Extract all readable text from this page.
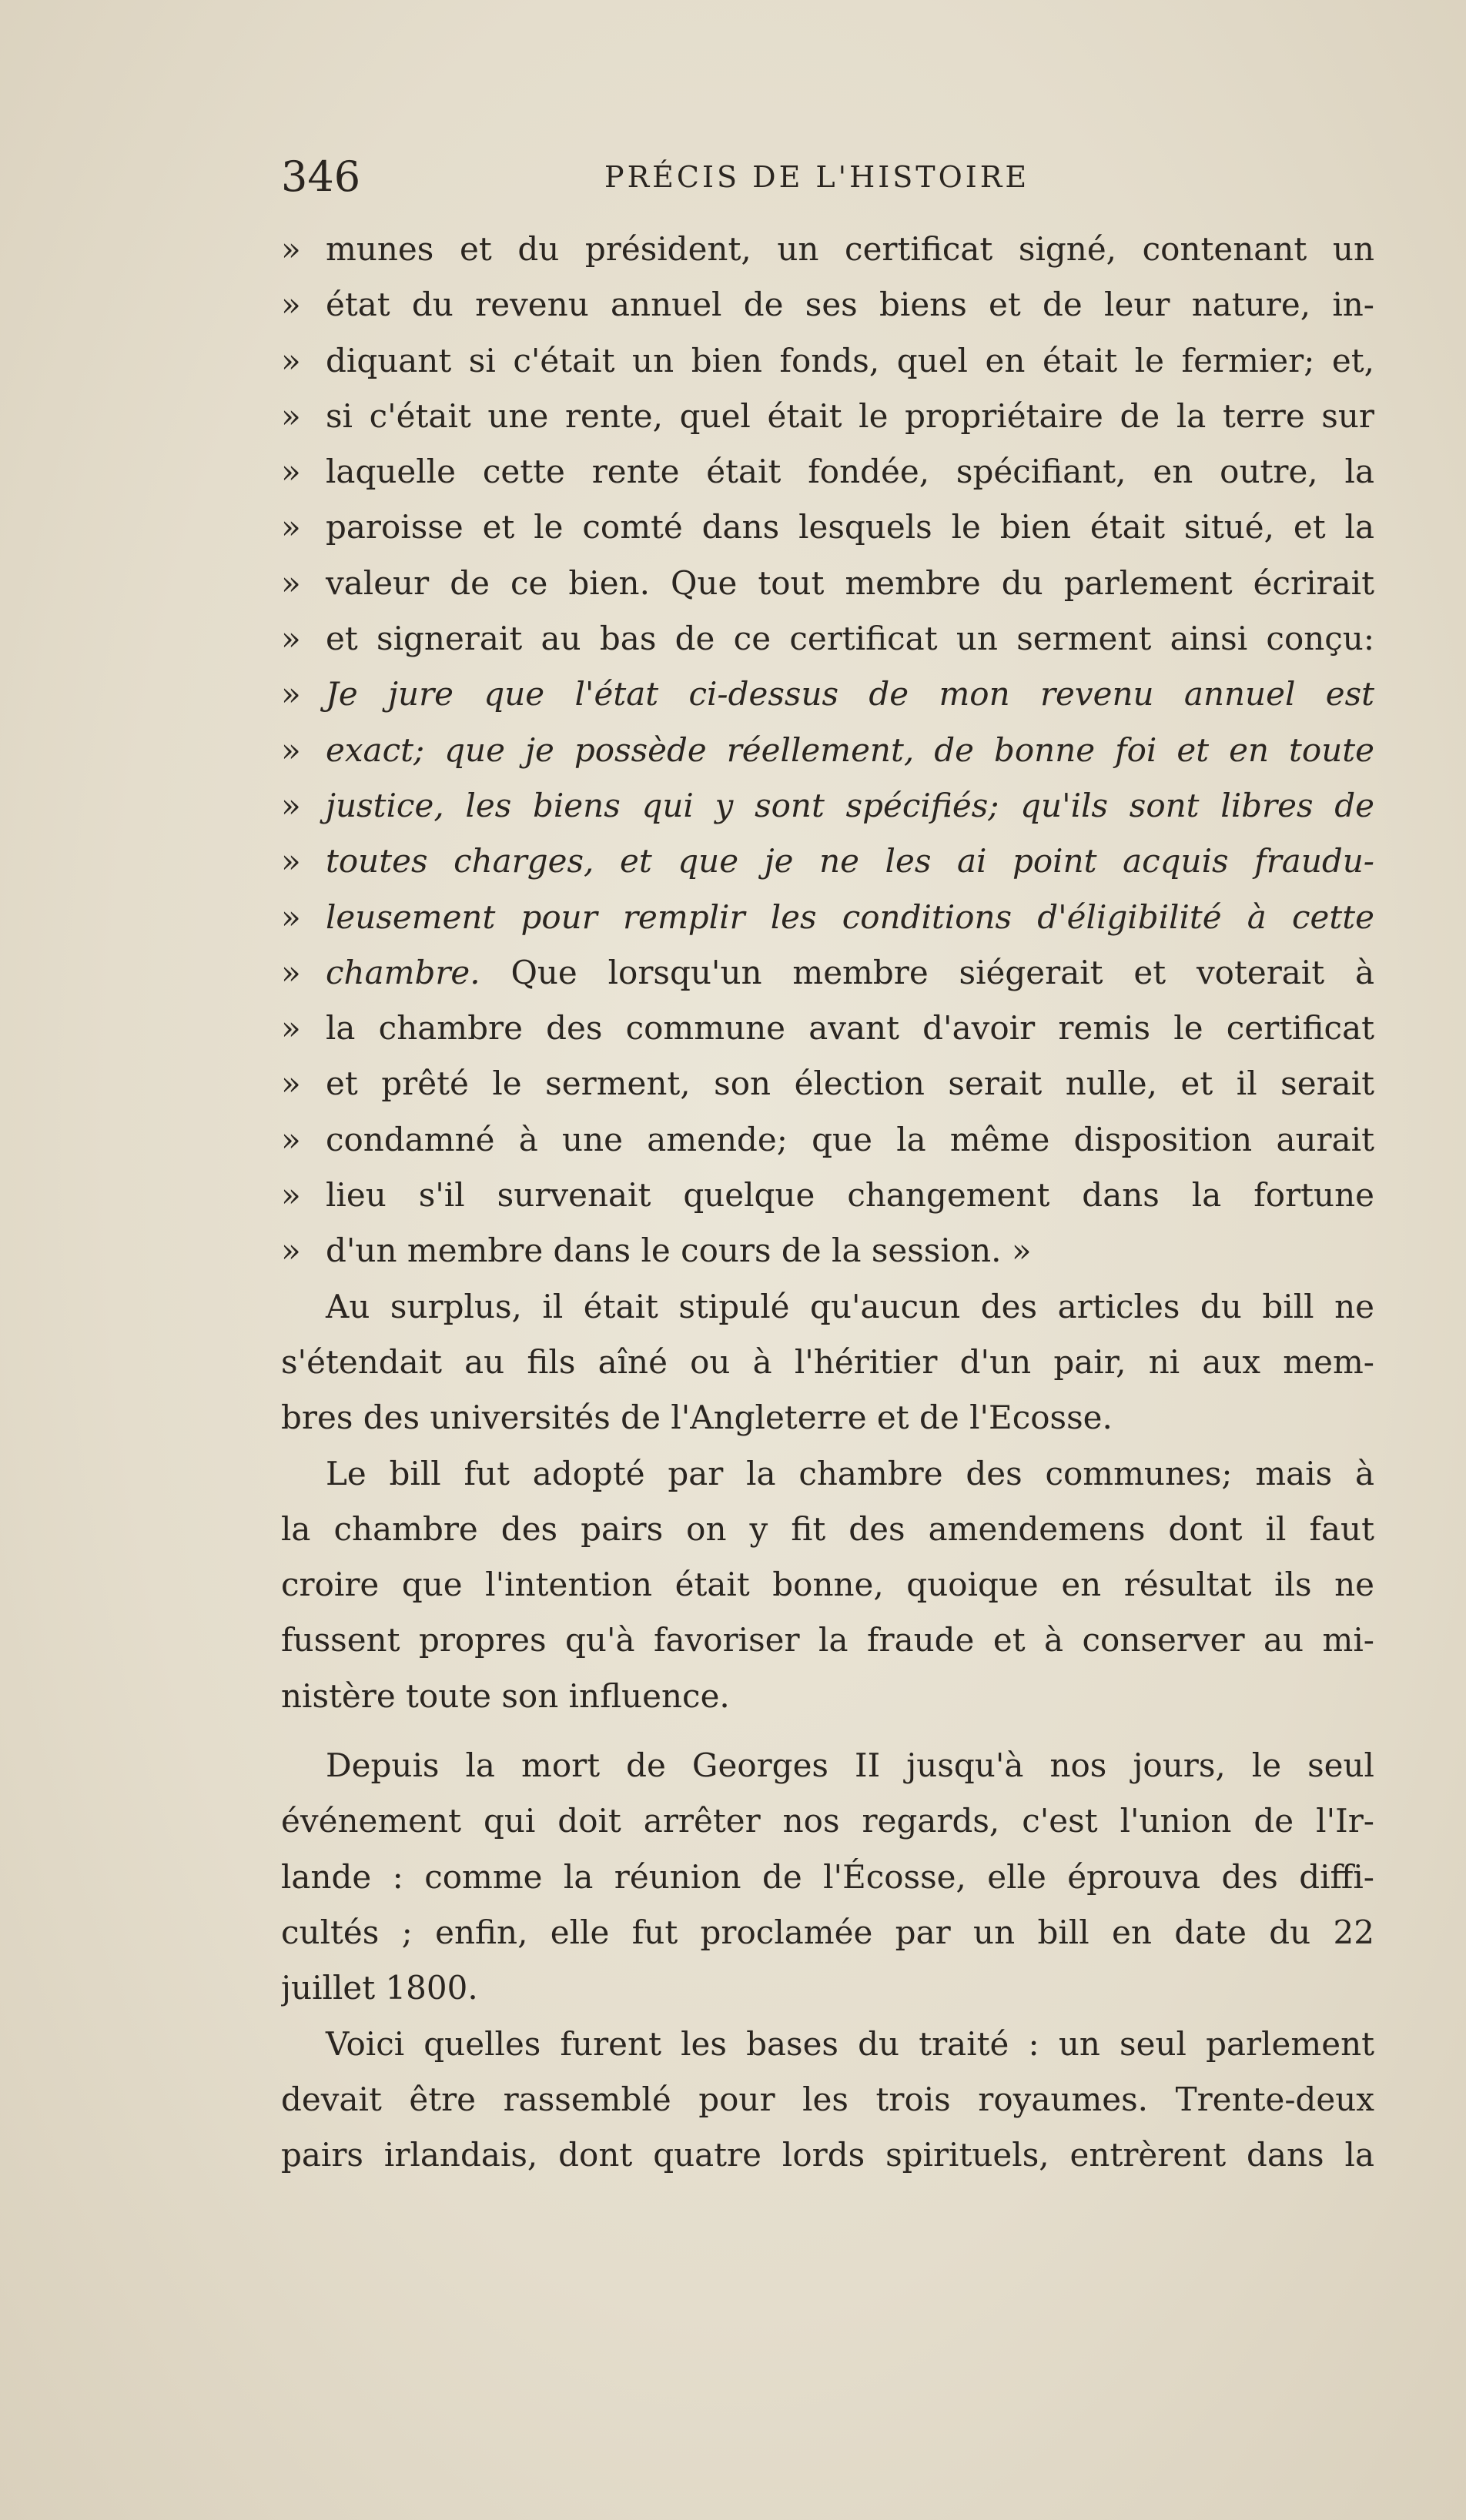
346	PRÉCIS DE L'HISTOIRE
» munes et du président, un certificat signé, contenant un
» état du revenu annuel de ses biens et de leur nature, in-
» diquant si c'était un bien fonds, quel en était le fermier; et,
» si c'était une rente, quel était le propriétaire de la terre sur
» laquelle cette rente était fondée, spécifiant, en outre, la
» paroisse et le comté dans lesquels le bien était situé, et la
» valeur de ce bien. Que tout membre du parlement écrirait
» et signerait au bas de ce certificat un serment ainsi conçu:
» Je jure que l'état ci-dessus de mon revenu annuel est
» exact; que je possède réellement, de bonne foi et en toute
» justice, les biens qui y sont spécifiés; qu'ils sont libres de
» toutes charges, et que je ne les ai point acquis fraudu-
» leusement pour remplir les conditions d'éligibilité à cette
» chambre. Que lorsqu'un membre siégerait et voterait à
» la chambre des commune avant d'avoir remis le certificat
» et prêté le serment, son élection serait nulle, et il serait
» condamné à une amende; que la même disposition aurait
» lieu s'il survenait quelque changement dans la fortune
» d'un membre dans le cours de la session. »
Au surplus, il était stipulé qu'aucun des articles du bill ne
s'étendait au fils aîné ou à l'héritier d'un pair, ni aux mem-
bres des universités de l'Angleterre et de l'Ecosse.
Le bill fut adopté par la chambre des communes; mais à
la chambre des pairs on y fit des amendemens dont il faut
croire que l'intention était bonne, quoique en résultat ils ne
fussent propres qu'à favoriser la fraude et à conserver au mi-
nistère toute son influence.
Depuis la mort de Georges II jusqu'à nos jours, le seul
événement qui doit arrêter nos regards, c'est l'union de l'Ir-
lande : comme la réunion de l'Écosse, elle éprouva des diffi-
cultés ; enfin, elle fut proclamée par un bill en date du 22
juillet 1800.
Voici quelles furent les bases du traité : un seul parlement
devait être rassemblé pour les trois royaumes. Trente-deux
pairs irlandais, dont quatre lords spirituels, entrèrent dans la
